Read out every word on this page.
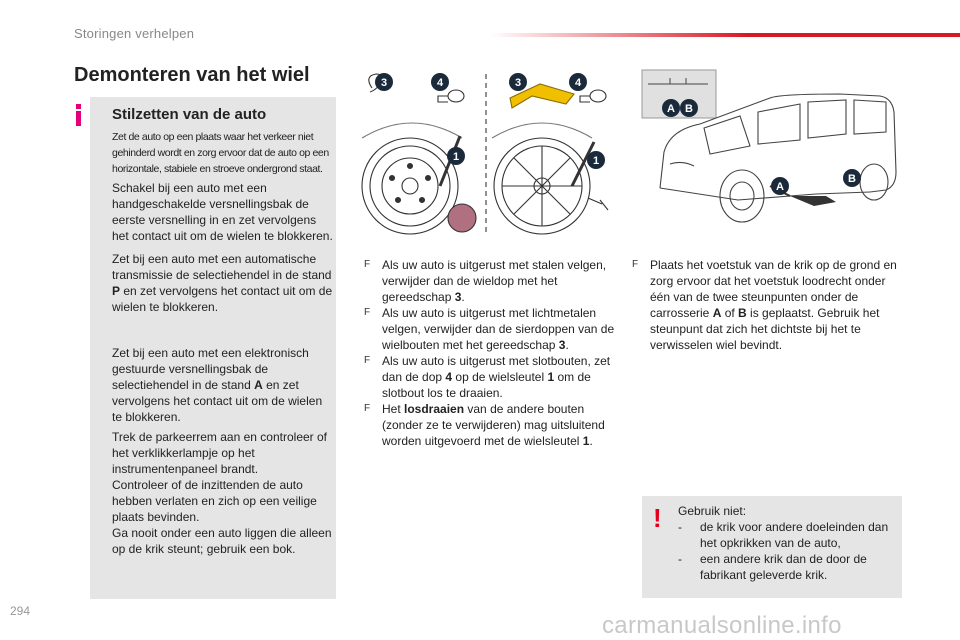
Storingen verhelpen
Demonteren van het wiel
Stilzetten van de auto
Zet de auto op een plaats waar het verkeer niet gehinderd wordt en zorg ervoor dat de auto op een horizontale, stabiele en stroeve ondergrond staat.
Schakel bij een auto met een handgeschakelde versnellingsbak de eerste versnelling in en zet vervolgens het contact uit om de wielen te blokkeren.
Zet bij een auto met een automatische transmissie de selectiehendel in de stand P en zet vervolgens het contact uit om de wielen te blokkeren.
Zet bij een auto met een elektronisch gestuurde versnellingsbak de selectiehendel in de stand A en zet vervolgens het contact uit om de wielen te blokkeren.
Trek de parkeerrem aan en controleer of het verklikkerlampje op het instrumentenpaneel brandt.
Controleer of de inzittenden de auto hebben verlaten en zich op een veilige plaats bevinden.
Ga nooit onder een auto liggen die alleen op de krik steunt; gebruik een bok.
3	4
1
3	4
1
A B
A
B
F Als uw auto is uitgerust met stalen velgen, verwijder dan de wieldop met het gereedschap 3.
F Als uw auto is uitgerust met lichtmetalen velgen, verwijder dan de sierdoppen van de wielbouten met het gereedschap 3.
F Als uw auto is uitgerust met slotbouten, zet dan de dop 4 op de wielsleutel 1 om de slotbout los te draaien.
F Het losdraaien van de andere bouten (zonder ze te verwijderen) mag uitsluitend worden uitgevoerd met de wielsleutel 1.
F Plaats het voetstuk van de krik op de grond en zorg ervoor dat het voetstuk loodrecht onder één van de twee steunpunten onder de carrosserie A of B is geplaatst. Gebruik het steunpunt dat zich het dichtste bij het te verwisselen wiel bevindt.
! Gebruik niet:
- de krik voor andere doeleinden dan het opkrikken van de auto,
- een andere krik dan de door de fabrikant geleverde krik.
294
carmanualsonline.info
